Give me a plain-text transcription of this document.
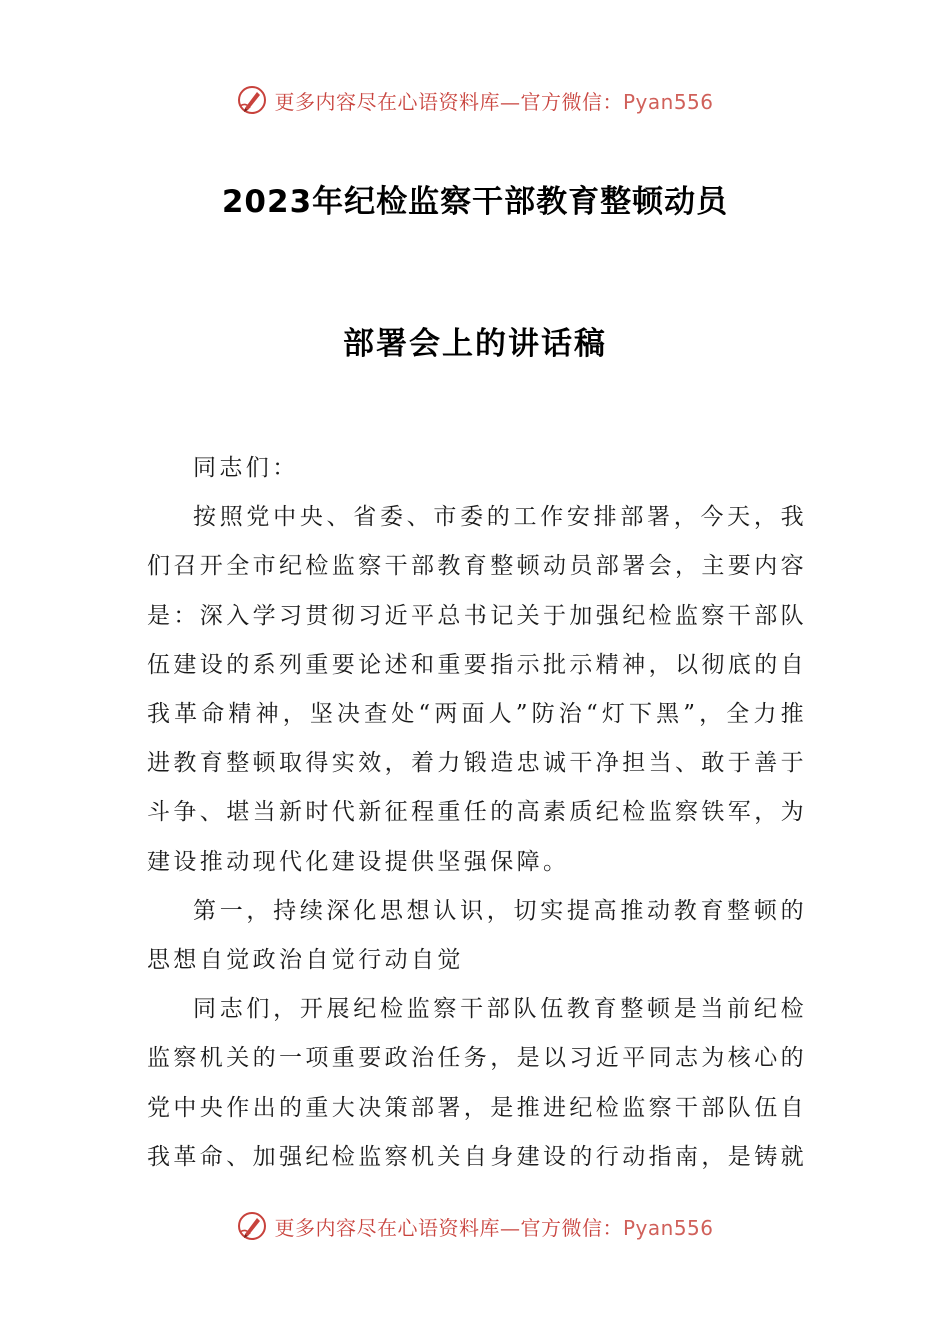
更多内容尽在心语资料库—官方微信：Pyan556
2023年纪检监察干部教育整顿动员
部署会上的讲话稿

同志们：

按照党中央、省委、市委的工作安排部署，今天，我们召开全市纪检监察干部教育整顿动员部署会，主要内容是：深入学习贯彻习近平总书记关于加强纪检监察干部队伍建设的系列重要论述和重要指示批示精神，以彻底的自我革命精神，坚决查处“两面人”防治“灯下黑”，全力推进教育整顿取得实效，着力锻造忠诚干净担当、敢于善于斗争、堪当新时代新征程重任的高素质纪检监察铁军，为建设推动现代化建设提供坚强保障。

第一，持续深化思想认识，切实提高推动教育整顿的思想自觉政治自觉行动自觉

同志们，开展纪检监察干部队伍教育整顿是当前纪检监察机关的一项重要政治任务，是以习近平同志为核心的党中央作出的重大决策部署，是推进纪检监察干部队伍自我革命、加强纪检监察机关自身建设的行动指南，是铸就

更多内容尽在心语资料库—官方微信：Pyan556
